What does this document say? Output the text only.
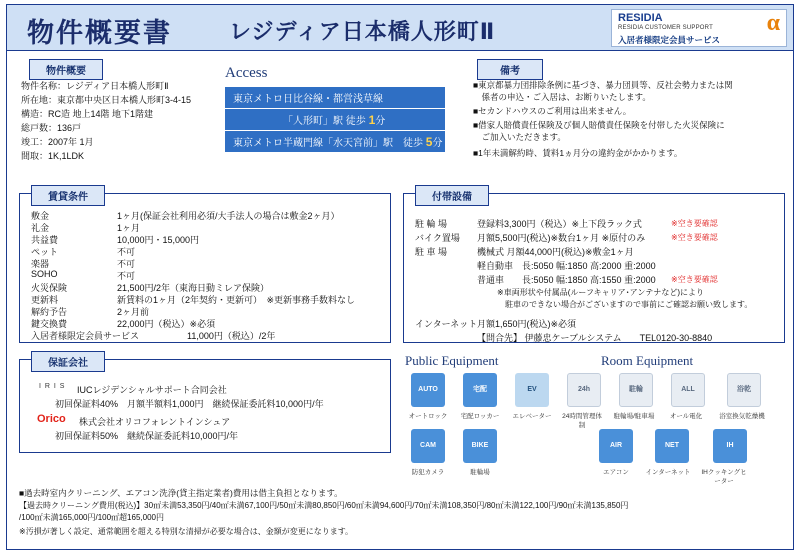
物件概要書	レジディア日本橋人形町Ⅱ
RESIDIA
RESIDIA CUSTOMER SUPPORT
入居者様限定会員サービス
α
物件概要
物件名称：レジディア日本橋人形町Ⅱ
所在地：東京都中央区日本橋人形町3-4-15
構造：RC造 地上14階 地下1階建
総戸数：136戸
竣工：2007年 1月
間取：1K,1LDK
Access
東京メトロ日比谷線・都営浅草線
「人形町」駅 徒歩 1分
東京メトロ半蔵門線「水天宮前」駅　徒歩 5分
備考
■東京都暴力団排除条例に基づき、暴力団員等、反社会勢力または関
　係者の申込・ご入居は、お断りいたします。
■セカンドハウスのご利用は出来ません。
■借家人賠償責任保険及び個人賠償責任保険を付帯した火災保険に
　ご加入いただきます。
■1年未満解約時、賃料1ヵ月分の違約金がかかります。
賃貸条件
敷金	1ヶ月(保証会社利用必須/大手法人の場合は敷金2ヶ月）
礼金	1ヶ月
共益費	10,000円・15,000円
ペット	不可
楽器	不可
SOHO	不可
火災保険	21,500円/2年（東海日動ミレア保険）
更新料	新賃料の1ヶ月（2年契約・更新可）　※更新事務手数料なし
解約予告	2ヶ月前
鍵交換費	22,000円（税込）※必須
入居者様限定会員サービス	11,000円（税込）/2年
付帯設備
駐 輪 場	登録料3,300円（税込）※上下段ラック式	※空き要確認
バイク置場 月額5,500円(税込)※数台1ヶ月 ※原付のみ	※空き要確認
駐 車 場	機械式 月額44,000円(税込)※敷金1ヶ月
軽自動車　長:5050 幅:1850 高:2000 重:2000
普通車　　長:5050 幅:1850 高:1550 重:2000 ※空き要確認
※車両形状や付属品(ルーフキャリア･アンテナなど)により
　駐車のできない場合がございますので事前にご確認お願い致します。
インターネット 月額1,650円(税込)※必須
【問合先】 伊藤忠ケーブルシステム　　TEL0120-30-8840
保証会社
I R I S IUCレジデンシャルサポート合同会社
初回保証料40%　月額半額料1,000円　継続保証委託料10,000円/年
Orico 株式会社オリコフォレントインシュア
初回保証料50%　継続保証委託料10,000円/年
Public Equipment	Room Equipment
AUTO
オートロック
宅配
宅配ロッカー
EV
エレベーター
24h
24時間管理体制
駐輪
駐輪場/駐車場
ALL
オール電化
浴乾
浴室換気乾燥機
CAM
防犯カメラ
BIKE
駐輪場
AIR
エアコン
NET
インターネット
IH
IHクッキングヒーター
■過去時室内クリーニング、エアコン洗浄(貸主指定業者)費用は借主負担となります。
【過去時クリーニング費用(税込)】30㎡未満53,350円/40㎡未満67,100円/50㎡未満80,850円/60㎡未満94,600円/70㎡未満108,350円/80㎡未満122,100円/90㎡未満135,850円
/100㎡未満165,000円/100㎡超165,000円
※汚損が著しく設定、通常範囲を超える特別な清掃が必要な場合は、金額が変更になります。
